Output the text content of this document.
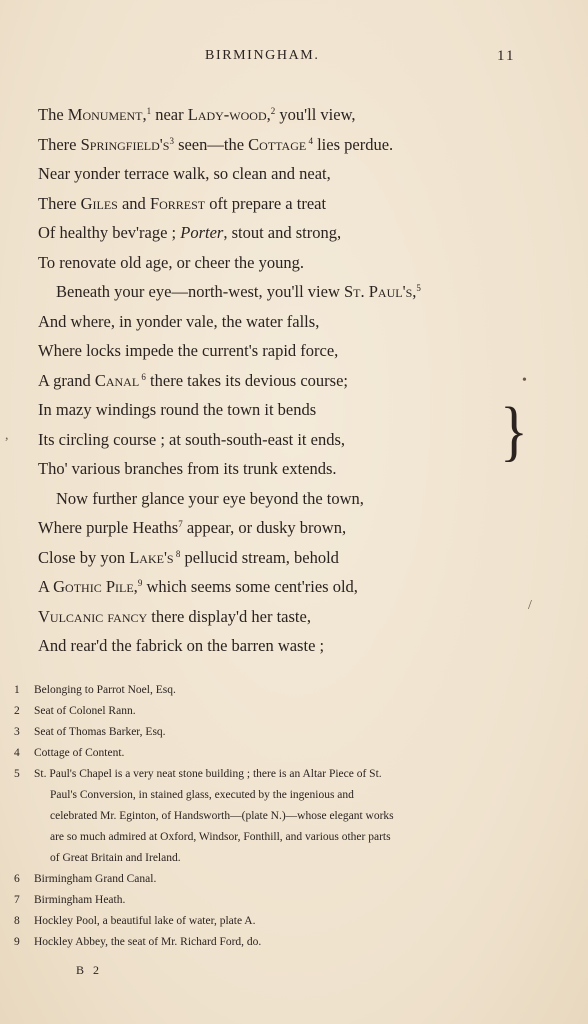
BIRMINGHAM.	11
The Monument,$^1$ near Lady-wood,$^2$ you'll view,
There $Springfield's^3$ seen—the Cottage $^4$ lies perdue.
Near yonder terrace walk, so clean and neat,
There Giles and Forrest oft prepare a treat
Of healthy bev'rage ; Porter, stout and strong,
To renovate old age, or cheer the young.
Beneath your eye—north-west, you'll view St. Paul's,$^5$
And where, in yonder vale, the water falls,
Where locks impede the current's rapid force,
A grand Canal $^6$ there takes its devious course;
In mazy windings round the town it bends
Its circling course ; at south-south-east it ends,
Tho' various branches from its trunk extends.
Now further glance your eye beyond the town,
Where purple Heaths$^7$ appear, or dusky brown,
Close by yon Lake's $^8$ pellucid stream, behold
A Gothic Pile,$^9$ which seems some cent'ries old,
Vulcanic fancy there display'd her taste,
And rear'd the fabrick on the barren waste ;
}
•
,
/
1	Belonging to Parrot Noel, Esq.
2	Seat of Colonel Rann.
3	Seat of Thomas Barker, Esq.
4	Cottage of Content.
5	St. Paul's Chapel is a very neat stone building ; there is an Altar Piece of St.
Paul's Conversion, in stained glass, executed by the ingenious and
celebrated Mr. Eginton, of Handsworth—(plate N.)—whose elegant works
are so much admired at Oxford, Windsor, Fonthill, and various other parts
of Great Britain and Ireland.
6	Birmingham Grand Canal.
7	Birmingham Heath.
8	Hockley Pool, a beautiful lake of water, plate A.
9	Hockley Abbey, the seat of Mr. Richard Ford, do.
B 2
